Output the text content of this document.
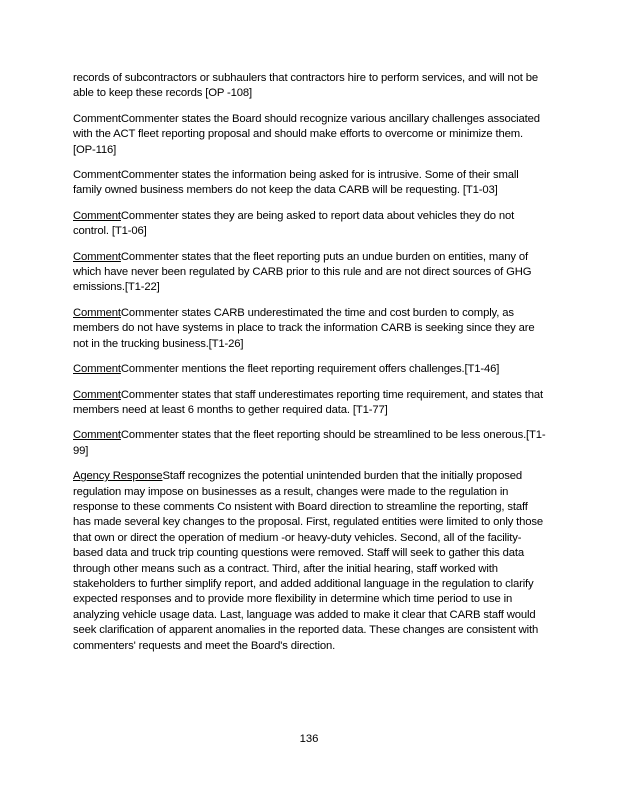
records of subcontractors or subhaulers that contractors hire to perform services, and will not be able to keep these records [OP -108]

CommentCommenter states the Board should recognize various ancillary challenges associated with the ACT fleet reporting proposal and should make efforts to overcome or minimize them. [OP-116]

CommentCommenter states the information being asked for is intrusive. Some of their small family owned business members do not keep the data CARB will be requesting. [T1-03]

CommentCommenter states they are being asked to report data about vehicles they do not control. [T1-06]

CommentCommenter states that the fleet reporting puts an undue burden on entities, many of which have never been regulated by CARB prior to this rule and are not direct sources of GHG emissions.[T1-22]

CommentCommenter states CARB underestimated the time and cost burden to comply, as members do not have systems in place to track the information CARB is seeking since they are not in the trucking business.[T1-26]

CommentCommenter mentions the fleet reporting requirement offers challenges.[T1-46]

CommentCommenter states that staff underestimates reporting time requirement, and states that members need at least 6 months to gether required data. [T1-77]

CommentCommenter states that the fleet reporting should be streamlined to be less onerous.[T1-99]

Agency ResponseStaff recognizes the potential unintended burden that the initially proposed regulation may impose on businesses as a result, changes were made to the regulation in response to these comments Co nsistent with Board direction to streamline the reporting, staff has made several key changes to the proposal. First, regulated entities were limited to only those that own or direct the operation of medium -or heavy-duty vehicles. Second, all of the facility-based data and truck trip counting questions were removed. Staff will seek to gather this data through other means such as a contract. Third, after the initial hearing, staff worked with stakeholders to further simplify report, and added additional language in the regulation to clarify expected responses and to provide more flexibility in determine which time period to use in analyzing vehicle usage data. Last, language was added to make it clear that CARB staff would seek clarification of apparent anomalies in the reported data. These changes are consistent with commenters' requests and meet the Board's direction.

136
